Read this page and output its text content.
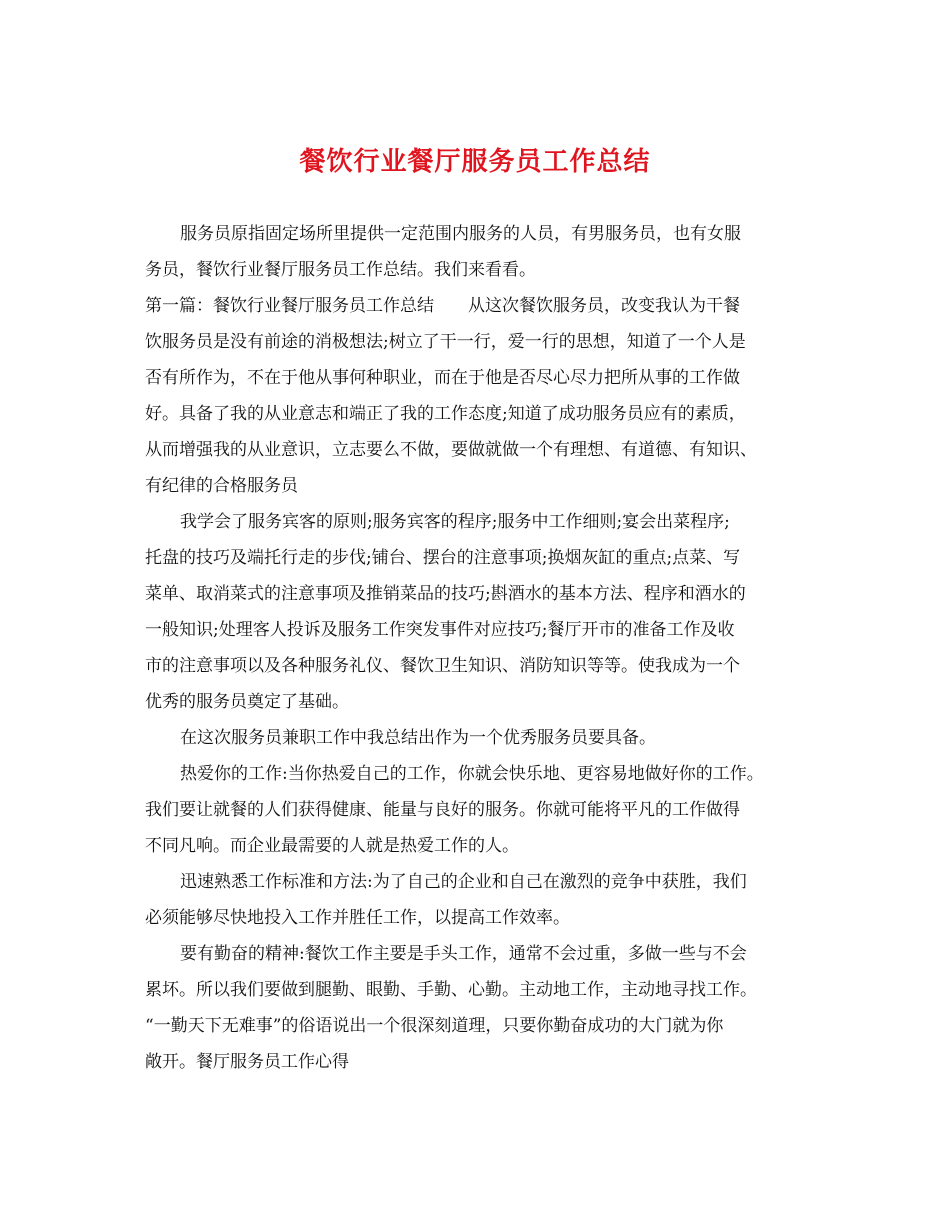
餐饮行业餐厅服务员工作总结
服务员原指固定场所里提供一定范围内服务的人员，有男服务员，也有女服
务员，餐饮行业餐厅服务员工作总结。我们来看看。
第一篇：餐饮行业餐厅服务员工作总结　　从这次餐饮服务员，改变我认为干餐
饮服务员是没有前途的消极想法;树立了干一行，爱一行的思想，知道了一个人是
否有所作为，不在于他从事何种职业，而在于他是否尽心尽力把所从事的工作做
好。具备了我的从业意志和端正了我的工作态度;知道了成功服务员应有的素质，
从而增强我的从业意识，立志要么不做，要做就做一个有理想、有道德、有知识、
有纪律的合格服务员
我学会了服务宾客的原则;服务宾客的程序;服务中工作细则;宴会出菜程序;
托盘的技巧及端托行走的步伐;铺台、摆台的注意事项;换烟灰缸的重点;点菜、写
菜单、取消菜式的注意事项及推销菜品的技巧;斟酒水的基本方法、程序和酒水的
一般知识;处理客人投诉及服务工作突发事件对应技巧;餐厅开市的准备工作及收
市的注意事项以及各种服务礼仪、餐饮卫生知识、消防知识等等。使我成为一个
优秀的服务员奠定了基础。
在这次服务员兼职工作中我总结出作为一个优秀服务员要具备。
热爱你的工作:当你热爱自己的工作，你就会快乐地、更容易地做好你的工作。
我们要让就餐的人们获得健康、能量与良好的服务。你就可能将平凡的工作做得
不同凡响。而企业最需要的人就是热爱工作的人。
迅速熟悉工作标准和方法:为了自己的企业和自己在激烈的竞争中获胜，我们
必须能够尽快地投入工作并胜任工作，以提高工作效率。
要有勤奋的精神:餐饮工作主要是手头工作，通常不会过重，多做一些与不会
累坏。所以我们要做到腿勤、眼勤、手勤、心勤。主动地工作，主动地寻找工作。
“一勤天下无难事”的俗语说出一个很深刻道理，只要你勤奋成功的大门就为你
敞开。餐厅服务员工作心得
